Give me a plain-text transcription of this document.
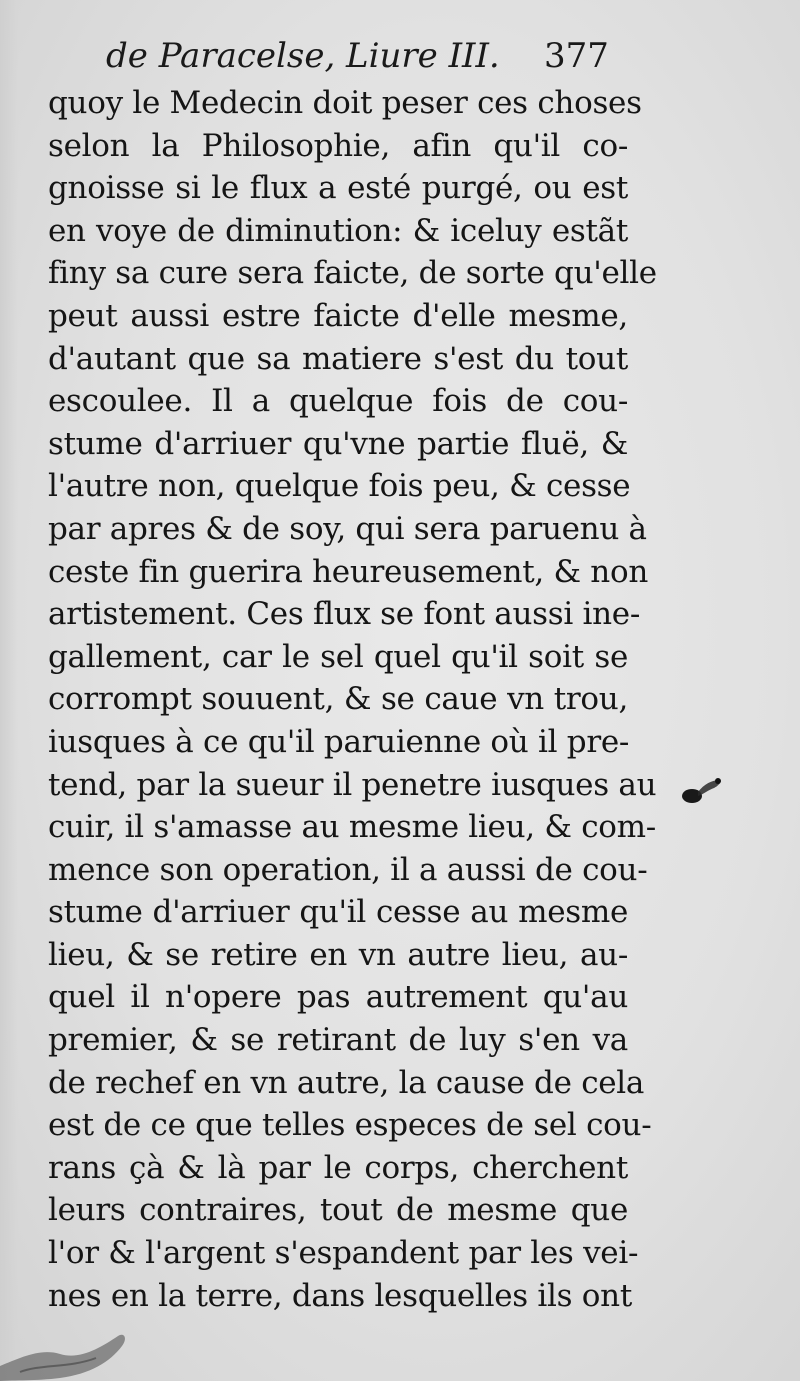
de Paracelse, Liure III. 377
quoy le Medecin doit peser ces choses
selon la Philosophie, afin qu'il co-
gnoisse si le flux a esté purgé, ou est
en voye de diminution: & iceluy estãt
finy sa cure sera faicte, de sorte qu'elle
peut aussi estre faicte d'elle mesme,
d'autant que sa matiere s'est du tout
escoulee. Il a quelque fois de cou-
stume d'arriuer qu'vne partie fluë, &
l'autre non, quelque fois peu, & cesse
par apres & de soy, qui sera paruenu à
ceste fin guerira heureusement, & non
artistement. Ces flux se font aussi ine-
gallement, car le sel quel qu'il soit se
corrompt souuent, & se caue vn trou,
iusques à ce qu'il paruienne où il pre-
tend, par la sueur il penetre iusques au
cuir, il s'amasse au mesme lieu, & com-
mence son operation, il a aussi de cou-
stume d'arriuer qu'il cesse au mesme
lieu, & se retire en vn autre lieu, au-
quel il n'opere pas autrement qu'au
premier, & se retirant de luy s'en va
de rechef en vn autre, la cause de cela
est de ce que telles especes de sel cou-
rans çà & là par le corps, cherchent
leurs contraires, tout de mesme que
l'or & l'argent s'espandent par les vei-
nes en la terre, dans lesquelles ils ont
